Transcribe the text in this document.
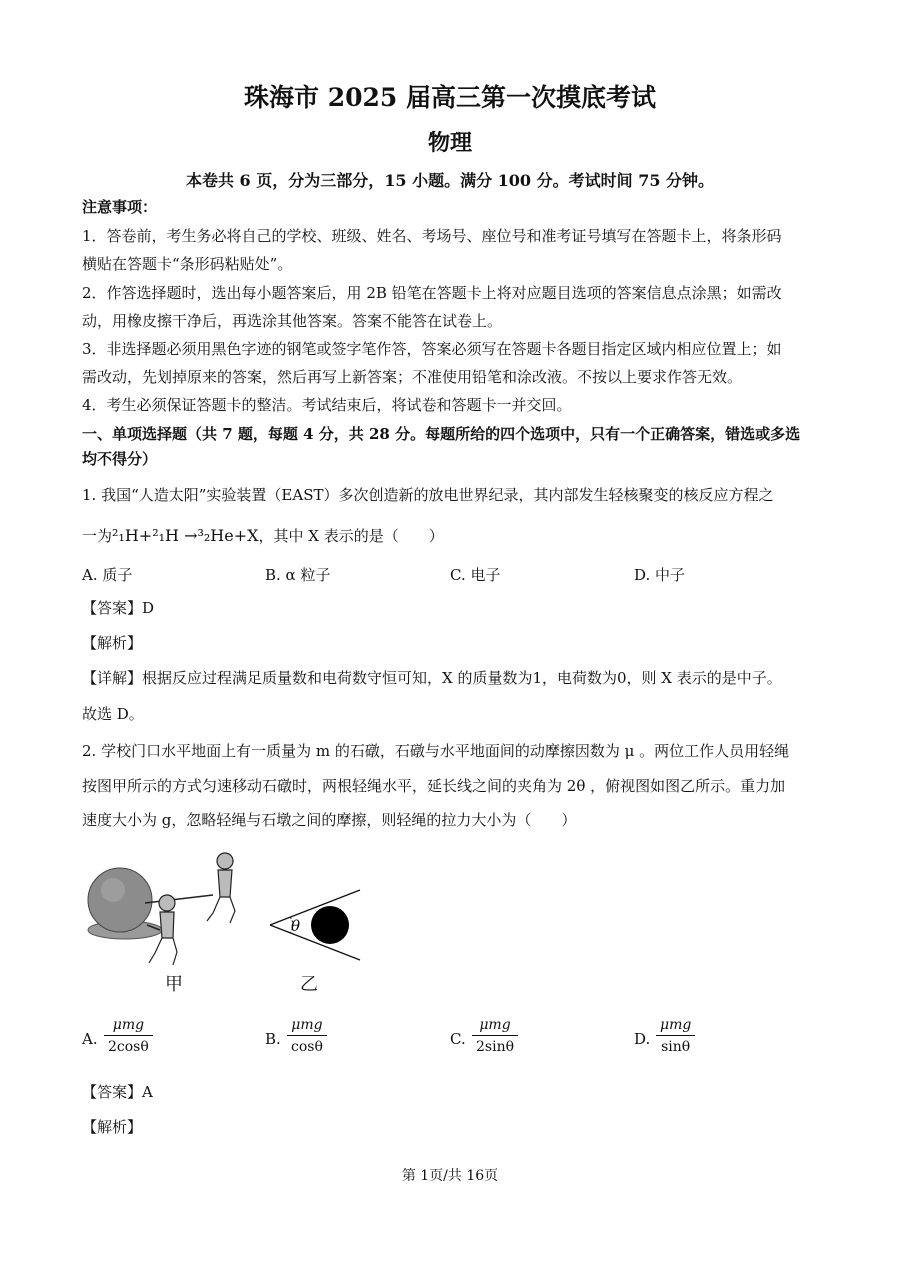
珠海市 2025 届高三第一次摸底考试
物理
本卷共 6 页，分为三部分，15 小题。满分 100 分。考试时间 75 分钟。
注意事项：
1．答卷前，考生务必将自己的学校、班级、姓名、考场号、座位号和准考证号填写在答题卡上，将条形码
横贴在答题卡“条形码粘贴处”。
2．作答选择题时，选出每小题答案后，用 2B 铅笔在答题卡上将对应题目选项的答案信息点涂黑；如需改
动，用橡皮擦干净后，再选涂其他答案。答案不能答在试卷上。
3．非选择题必须用黑色字迹的钢笔或签字笔作答，答案必须写在答题卡各题目指定区域内相应位置上；如
需改动，先划掉原来的答案，然后再写上新答案；不准使用铅笔和涂改液。不按以上要求作答无效。
4．考生必须保证答题卡的整洁。考试结束后，将试卷和答题卡一并交回。
一、单项选择题（共 7 题，每题 4 分，共 28 分。每题所给的四个选项中，只有一个正确答案，错选或多选
均不得分）
1. 我国“人造太阳”实验装置（EAST）多次创造新的放电世界纪录，其内部发生轻核聚变的核反应方程之
一为²₁H+²₁H →³₂He+X，其中 X 表示的是（　　）
A. 质子	B. α 粒子	C. 电子	D. 中子
【答案】D
【解析】
【详解】根据反应过程满足质量数和电荷数守恒可知，X 的质量数为1，电荷数为0，则 X 表示的是中子。
故选 D。
2. 学校门口水平地面上有一质量为 m 的石礅，石礅与水平地面间的动摩擦因数为 μ 。两位工作人员用轻绳
按图甲所示的方式匀速移动石礅时，两根轻绳水平，延长线之间的夹角为 2θ ，俯视图如图乙所示。重力加
速度大小为 g，忽略轻绳与石墩之间的摩擦，则轻绳的拉力大小为（　　）
甲
θ
乙
A.
μmg
2cosθ	B.
μmg
cosθ	C.
μmg
2sinθ	D.
μmg
sinθ
【答案】A
【解析】
第 1页/共 16页
